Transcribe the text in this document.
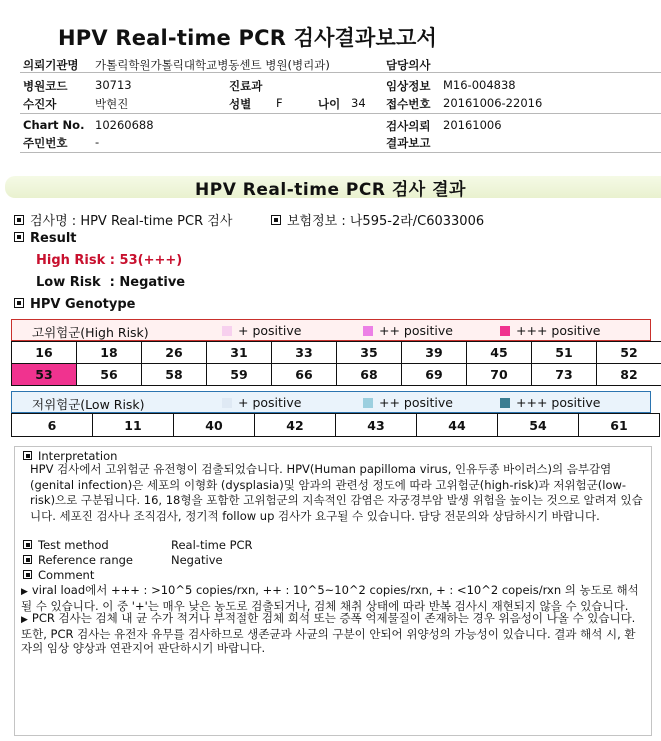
HPV Real-time PCR 검사결과보고서
의뢰기관명 가톨릭학원가톨릭대학교병동센트 병원(병리과)
병원코드 30713
수진자	박현진
Chart No. 10260688
주민번호 -
진료과
성별 F	나이 34
담당의사
임상정보 M16-004838
접수번호 20161006-22016
검사의뢰 20161006
결과보고
HPV Real-time PCR 검사 결과
검사명 : HPV Real-time PCR 검사	보험정보 : 나595-2라/C6033006
Result
High Risk : 53(+++)
Low Risk  : Negative
HPV Genotype
고위험군(High Risk)	+ positive	++ positive	+++ positive
16	18	26	31	33	35	39	45	51	52
53	56	58	59	66	68	69	70	73	82
저위험군(Low Risk)	+ positive	++ positive	+++ positive
6	11	40	42	43	44	54	61
Interpretation
HPV 검사에서 고위험군 유전형이 검출되었습니다. HPV(Human papilloma virus, 인유두종 바이러스)의 음부감염(genital infection)은 세포의 이형화 (dysplasia)및 암과의 관련성 정도에 따라 고위험군(high-risk)과 저위험군(low-risk)으로 구분됩니다. 16, 18형을 포함한 고위험군의 지속적인 감염은 자궁경부암 발생 위험을 높이는 것으로 알려져 있습니다. 세포진 검사나 조직검사, 정기적 follow up 검사가 요구될 수 있습니다. 담당 전문의와 상담하시기 바랍니다.
Test method	Real-time PCR
Reference range	Negative
Comment
▶ viral load에서 +++ : >10^5 copies/rxn, ++ : 10^5~10^2 copies/rxn, + : <10^2 copeis/rxn 의 농도로 해석될 수 있습니다. 이 중 '+'는 매우 낮은 농도로 검출되거나, 검체 채취 상태에 따라 반복 검사시 재현되지 않을 수 있습니다.
▶ PCR 검사는 검체 내 균 수가 적거나 부적절한 검체 희석 또는 증폭 억제물질이 존재하는 경우 위음성이 나올 수 있습니다. 또한, PCR 검사는 유전자 유무를 검사하므로 생존균과 사균의 구분이 안되어 위양성의 가능성이 있습니다. 결과 해석 시, 환자의 임상 양상과 연관지어 판단하시기 바랍니다.
